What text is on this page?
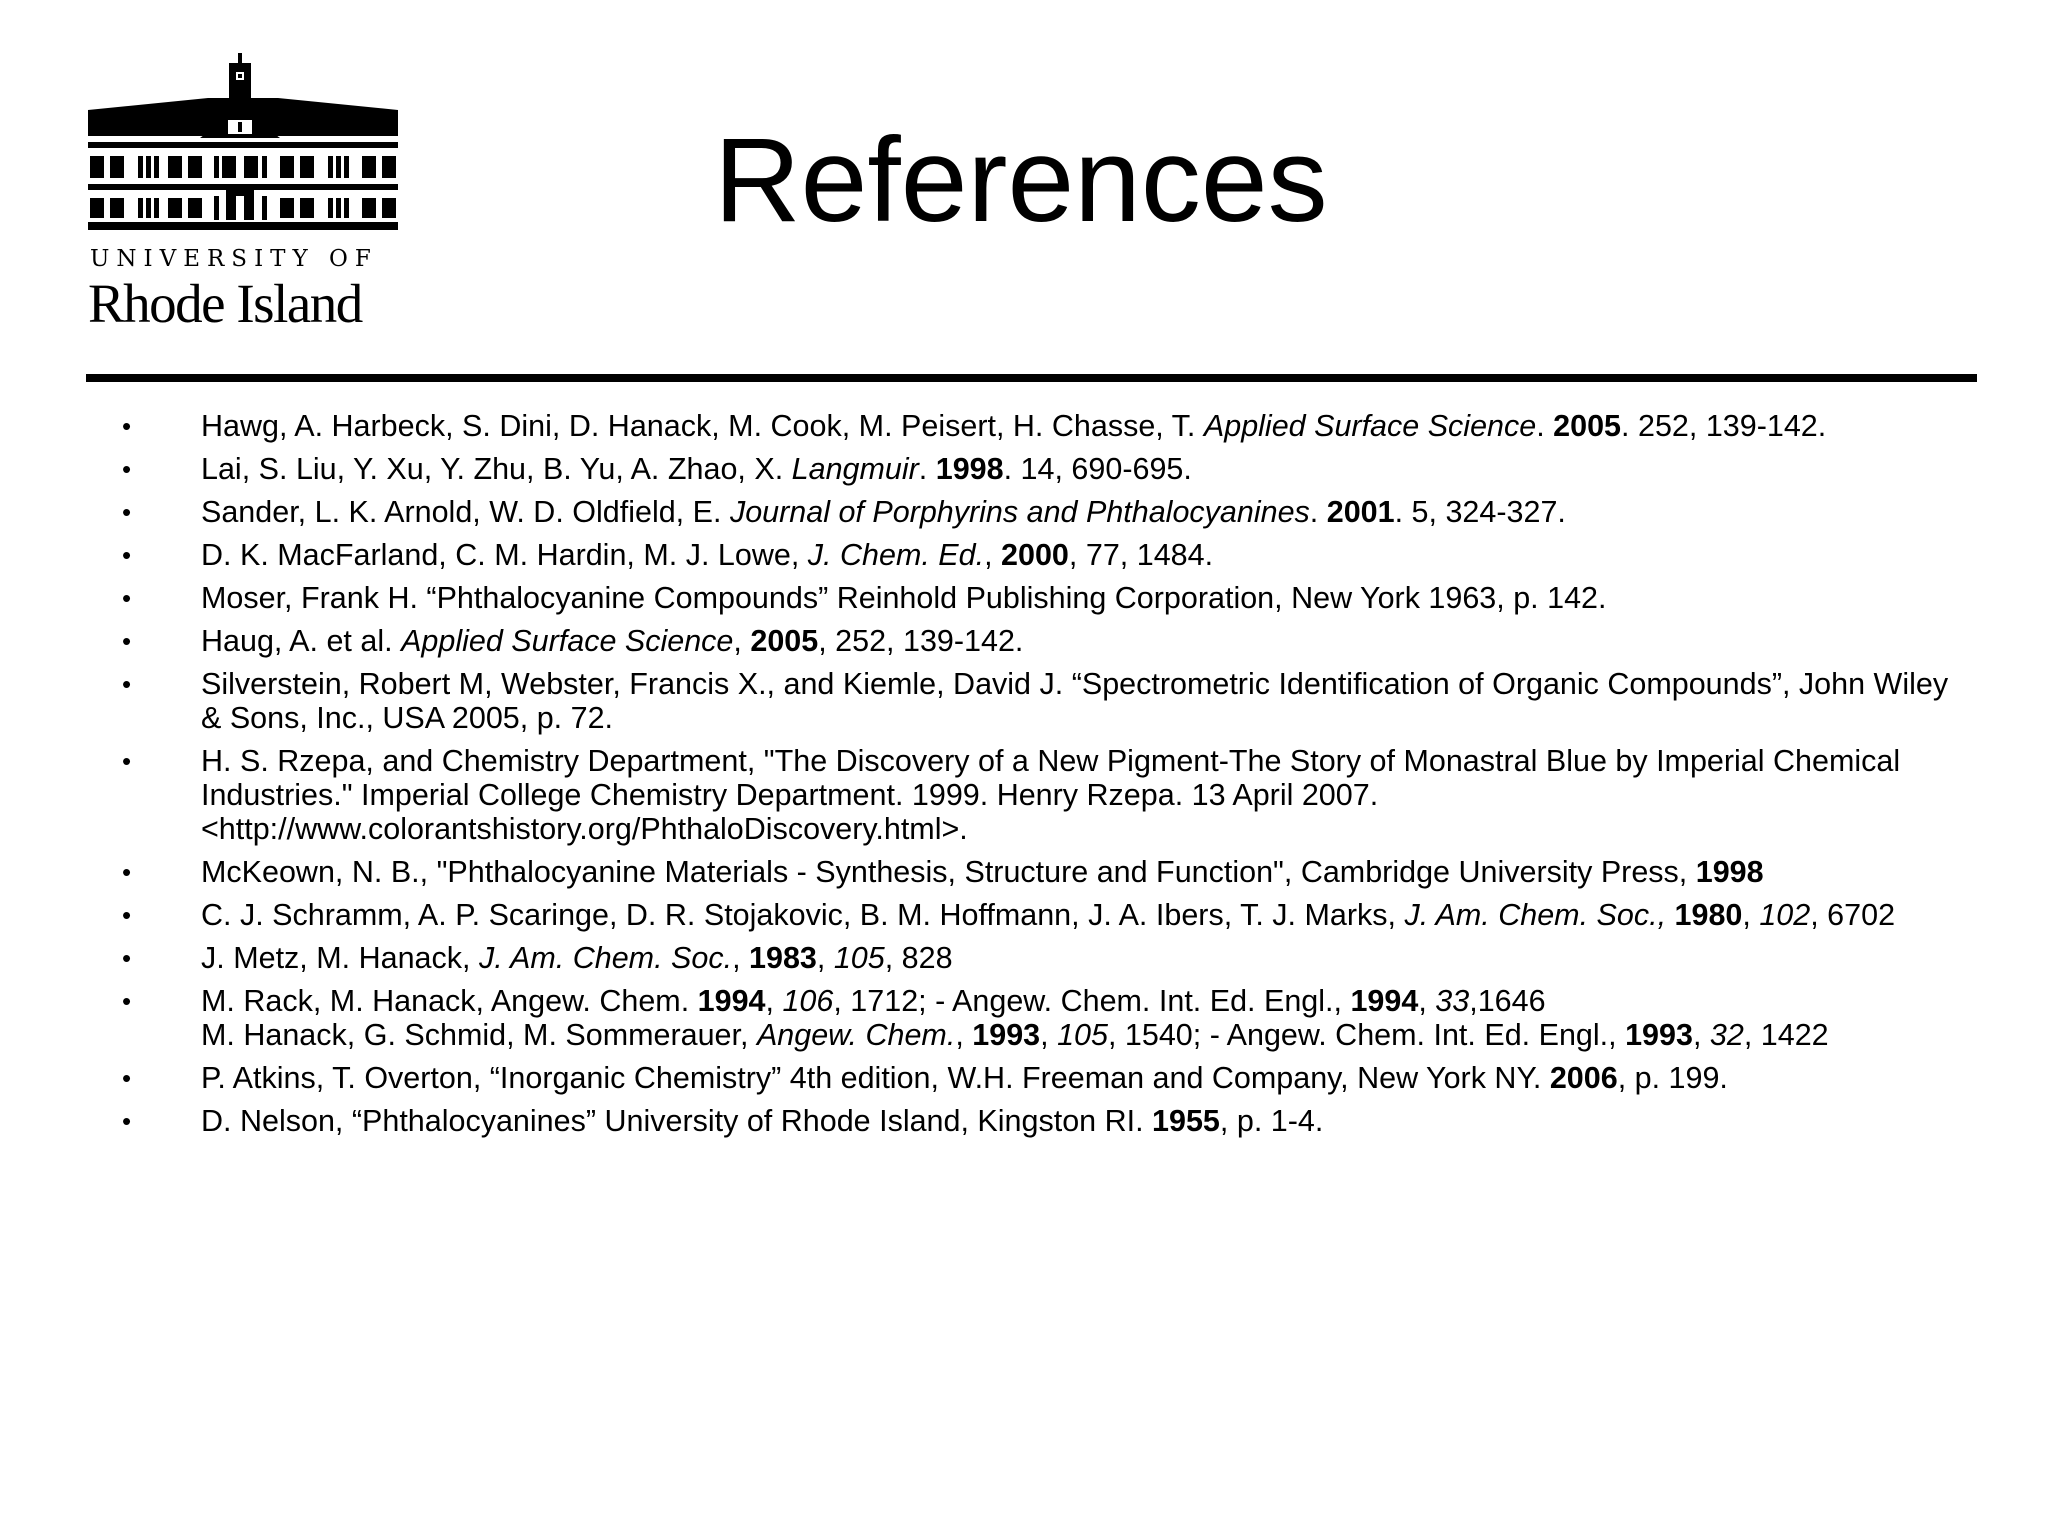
UNIVERSITY OF
Rhode Island
References
• Hawg, A. Harbeck, S. Dini, D. Hanack, M. Cook, M. Peisert, H. Chasse, T. Applied Surface Science. 2005. 252, 139-142.
• Lai, S. Liu, Y. Xu, Y. Zhu, B. Yu, A. Zhao, X. Langmuir. 1998. 14, 690-695.
• Sander, L. K. Arnold, W. D. Oldfield, E. Journal of Porphyrins and Phthalocyanines. 2001. 5, 324-327.
• D. K. MacFarland, C. M. Hardin, M. J. Lowe, J. Chem. Ed., 2000, 77, 1484.
• Moser, Frank H. “Phthalocyanine Compounds” Reinhold Publishing Corporation, New York 1963, p. 142.
• Haug, A. et al. Applied Surface Science, 2005, 252, 139-142.
• Silverstein, Robert M, Webster, Francis X., and Kiemle, David J. “Spectrometric Identification of Organic Compounds”, John Wiley & Sons, Inc., USA 2005, p. 72.
• H. S. Rzepa, and Chemistry Department, "The Discovery of a New Pigment-The Story of Monastral Blue by Imperial Chemical Industries." Imperial College Chemistry Department. 1999. Henry Rzepa. 13 April 2007. <http://www.colorantshistory.org/PhthaloDiscovery.html>.
• McKeown, N. B., "Phthalocyanine Materials - Synthesis, Structure and Function", Cambridge University Press, 1998
• C. J. Schramm, A. P. Scaringe, D. R. Stojakovic, B. M. Hoffmann, J. A. Ibers, T. J. Marks, J. Am. Chem. Soc., 1980, 102, 6702
• J. Metz, M. Hanack, J. Am. Chem. Soc., 1983, 105, 828
• M. Rack, M. Hanack, Angew. Chem. 1994, 106, 1712; - Angew. Chem. Int. Ed. Engl., 1994, 33,1646
M. Hanack, G. Schmid, M. Sommerauer, Angew. Chem., 1993, 105, 1540; - Angew. Chem. Int. Ed. Engl., 1993, 32, 1422
• P. Atkins, T. Overton, “Inorganic Chemistry” 4th edition, W.H. Freeman and Company, New York NY. 2006, p. 199.
• D. Nelson, “Phthalocyanines” University of Rhode Island, Kingston RI. 1955, p. 1-4.
